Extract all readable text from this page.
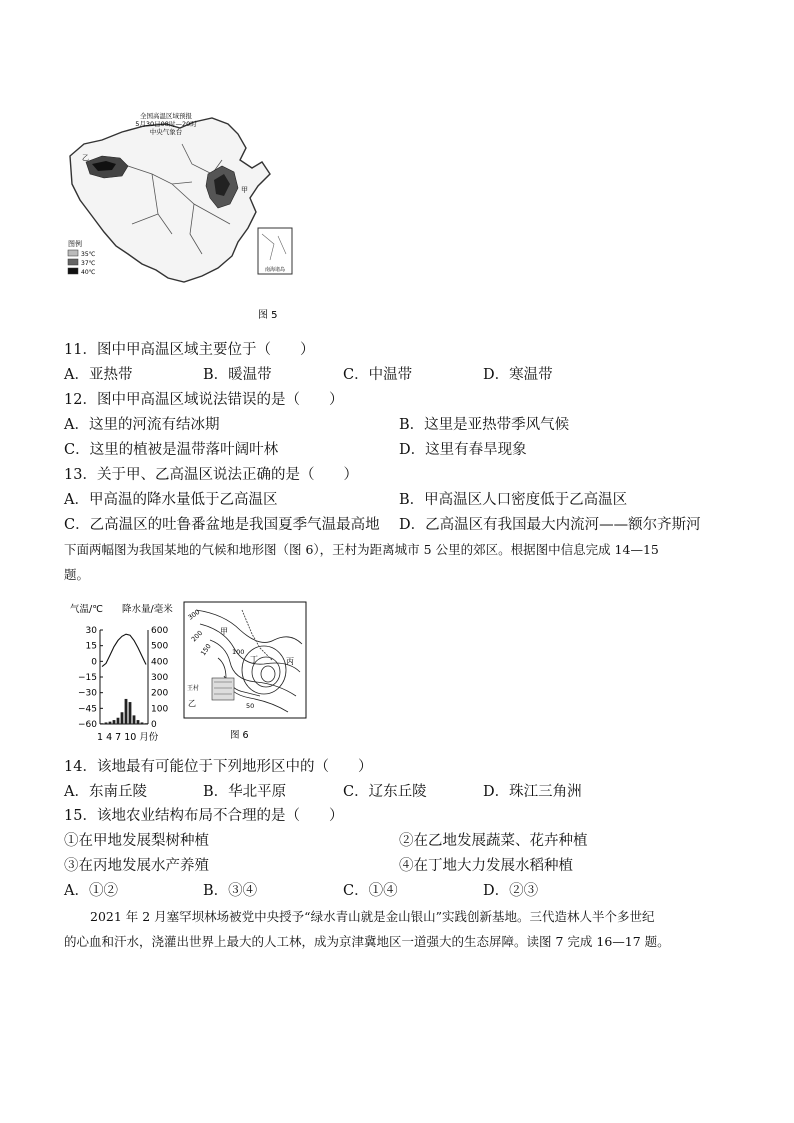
南海诸岛
全国高温区域预报
5月30日08时—20时
中央气象台
甲
乙
图例
35℃
37℃
40℃
图 5
11．图中甲高温区域主要位于（　　）
A．亚热带	B．暖温带	C．中温带	D．寒温带
12．图中甲高温区域说法错误的是（　　）
A．这里的河流有结冰期	B．这里是亚热带季风气候
C．这里的植被是温带落叶阔叶林	D．这里有春旱现象
13．关于甲、乙高温区说法正确的是（　　）
A．甲高温的降水量低于乙高温区	B．甲高温区人口密度低于乙高温区
C．乙高温区的吐鲁番盆地是我国夏季气温最高地 D．乙高温区有我国最大内流河——额尔齐斯河
下面两幅图为我国某地的气候和地形图（图 6），王村为距离城市 5 公里的郊区。根据图中信息完成 14—15
题。
气温/℃ 降水量/毫米
30
15
0
−15
−30
−45
−60
600
500
400
300
200
100
0
1 4 7 10 月份
300
200
150	100
50
甲
乙
丙
丁
王村
图 6
14．该地最有可能位于下列地形区中的（　　）
A．东南丘陵	B．华北平原	C．辽东丘陵	D．珠江三角洲
15．该地农业结构布局不合理的是（　　）
①在甲地发展梨树种植	②在乙地发展蔬菜、花卉种植
③在丙地发展水产养殖	④在丁地大力发展水稻种植
A．①②	B．③④	C．①④	D．②③
2021 年 2 月塞罕坝林场被党中央授予“绿水青山就是金山银山”实践创新基地。三代造林人半个多世纪
的心血和汗水，浇灌出世界上最大的人工林，成为京津冀地区一道强大的生态屏障。读图 7 完成 16—17 题。
